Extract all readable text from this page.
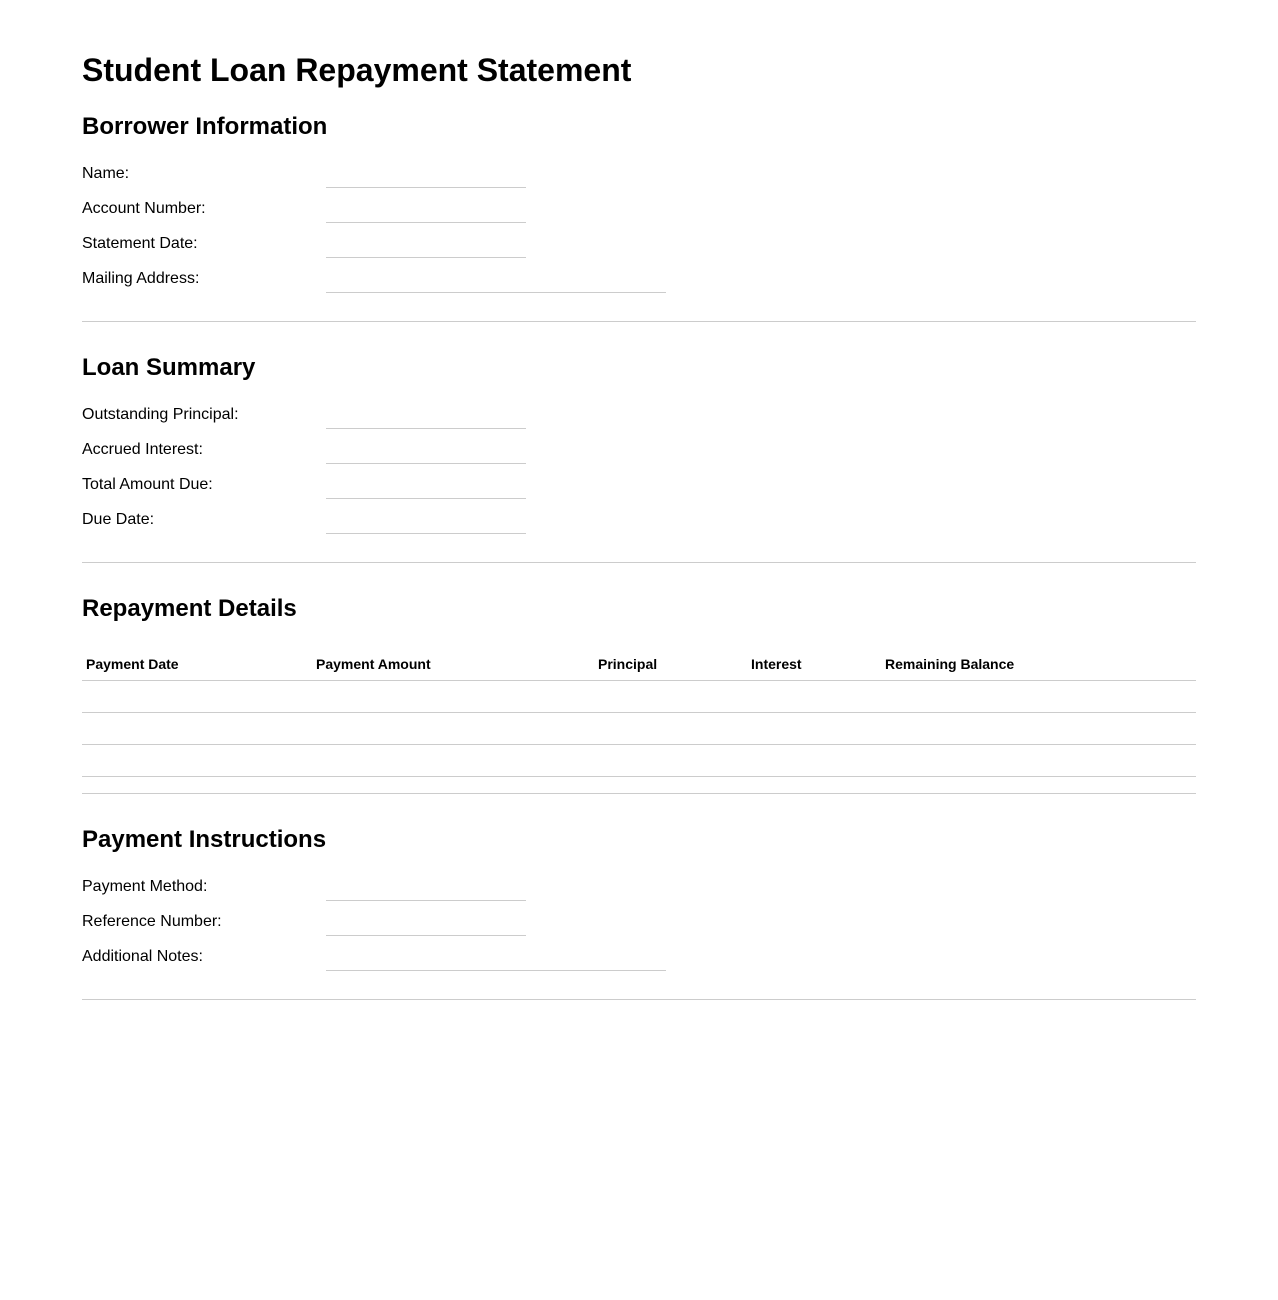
Student Loan Repayment Statement
Borrower Information
Name:
Account Number:
Statement Date:
Mailing Address:
Loan Summary
Outstanding Principal:
Accrued Interest:
Total Amount Due:
Due Date:
Repayment Details
Payment Date	Payment Amount	Principal	Interest	Remaining Balance
Payment Instructions
Payment Method:
Reference Number:
Additional Notes:
